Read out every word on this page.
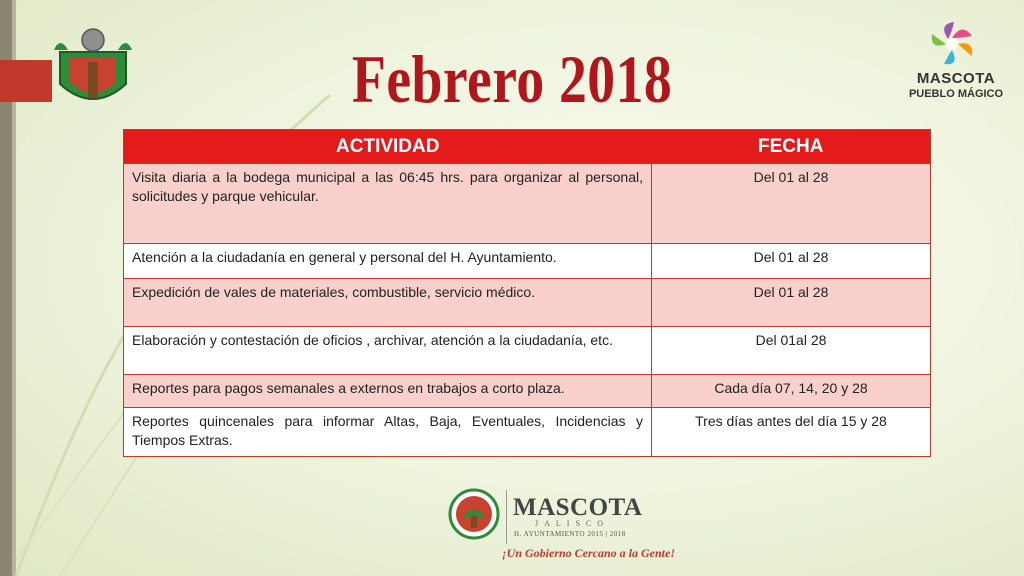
Febrero 2018	MASCOTA
PUEBLO MÁGICO
ACTIVIDAD	FECHA
Visita diaria a la bodega municipal a las 06:45 hrs. para organizar al personal, solicitudes y parque vehicular.	Del 01 al 28
Atención a la ciudadanía en general y personal del H. Ayuntamiento.	Del 01 al 28
Expedición de vales de materiales, combustible, servicio médico.	Del 01 al 28
Elaboración y contestación de oficios , archivar, atención a la ciudadanía, etc.	Del 01al 28
Reportes para pagos semanales a externos en trabajos a corto plaza.	Cada día 07, 14, 20 y 28
Reportes quincenales para informar Altas, Baja, Eventuales, Incidencias y Tiempos Extras.	Tres días antes del día 15 y 28
MASCOTA
JALISCO
H. AYUNTAMIENTO 2015 | 2018
¡Un Gobierno Cercano a la Gente!
